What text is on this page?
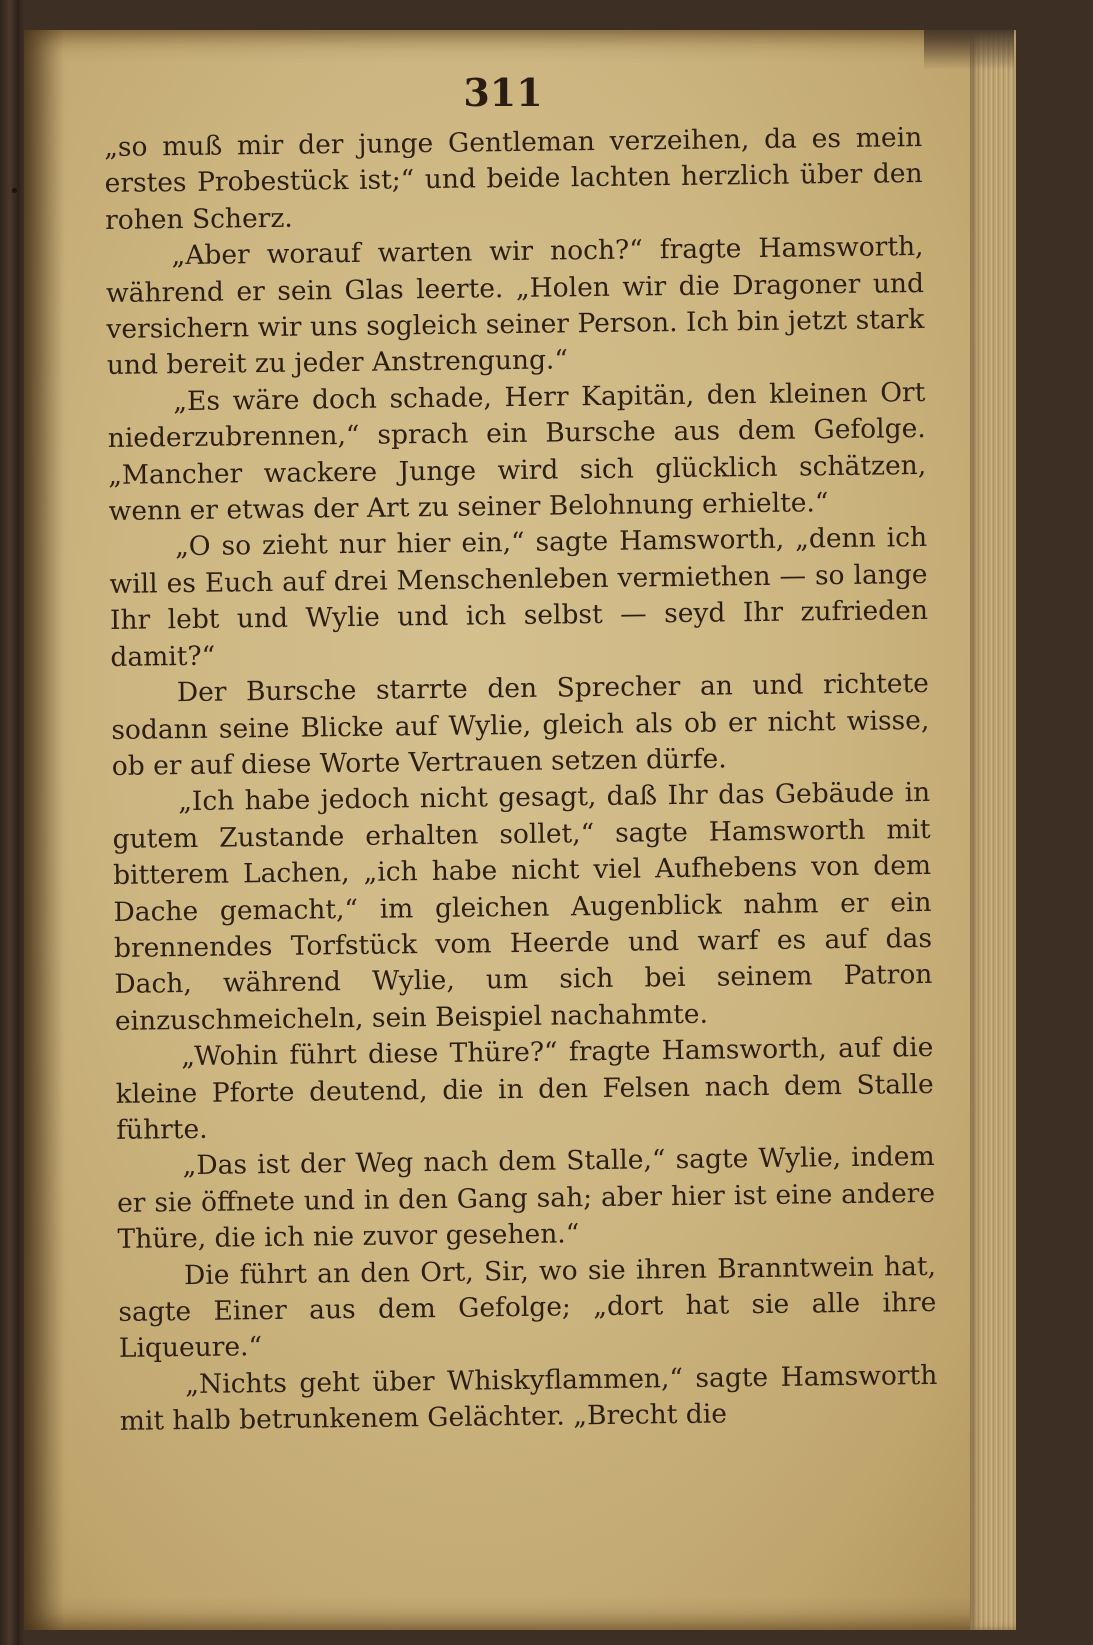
311

„so muß mir der junge Gentleman verzeihen, da es mein erstes Probestück ist;“ und beide lachten herzlich über den rohen Scherz.

„Aber worauf warten wir noch?“ fragte Hamsworth, während er sein Glas leerte. „Holen wir die Dragoner und versichern wir uns sogleich seiner Person. Ich bin jetzt stark und bereit zu jeder Anstrengung.“

„Es wäre doch schade, Herr Kapitän, den kleinen Ort niederzubrennen,“ sprach ein Bursche aus dem Gefolge. „Mancher wackere Junge wird sich glücklich schätzen, wenn er etwas der Art zu seiner Belohnung erhielte.“

„O so zieht nur hier ein,“ sagte Hamsworth, „denn ich will es Euch auf drei Menschenleben vermiethen — so lange Ihr lebt und Wylie und ich selbst — seyd Ihr zufrieden damit?“

Der Bursche starrte den Sprecher an und richtete sodann seine Blicke auf Wylie, gleich als ob er nicht wisse, ob er auf diese Worte Vertrauen setzen dürfe.

„Ich habe jedoch nicht gesagt, daß Ihr das Gebäude in gutem Zustande erhalten sollet,“ sagte Hamsworth mit bitterem Lachen, „ich habe nicht viel Aufhebens von dem Dache gemacht,“ im gleichen Augenblick nahm er ein brennendes Torfstück vom Heerde und warf es auf das Dach, während Wylie, um sich bei seinem Patron einzuschmeicheln, sein Beispiel nachahmte.

„Wohin führt diese Thüre?“ fragte Hamsworth, auf die kleine Pforte deutend, die in den Felsen nach dem Stalle führte.

„Das ist der Weg nach dem Stalle,“ sagte Wylie, indem er sie öffnete und in den Gang sah; aber hier ist eine andere Thüre, die ich nie zuvor gesehen.“

Die führt an den Ort, Sir, wo sie ihren Branntwein hat, sagte Einer aus dem Gefolge; „dort hat sie alle ihre Liqueure.“

„Nichts geht über Whiskyflammen,“ sagte Hamsworth mit halb betrunkenem Gelächter. „Brecht die
